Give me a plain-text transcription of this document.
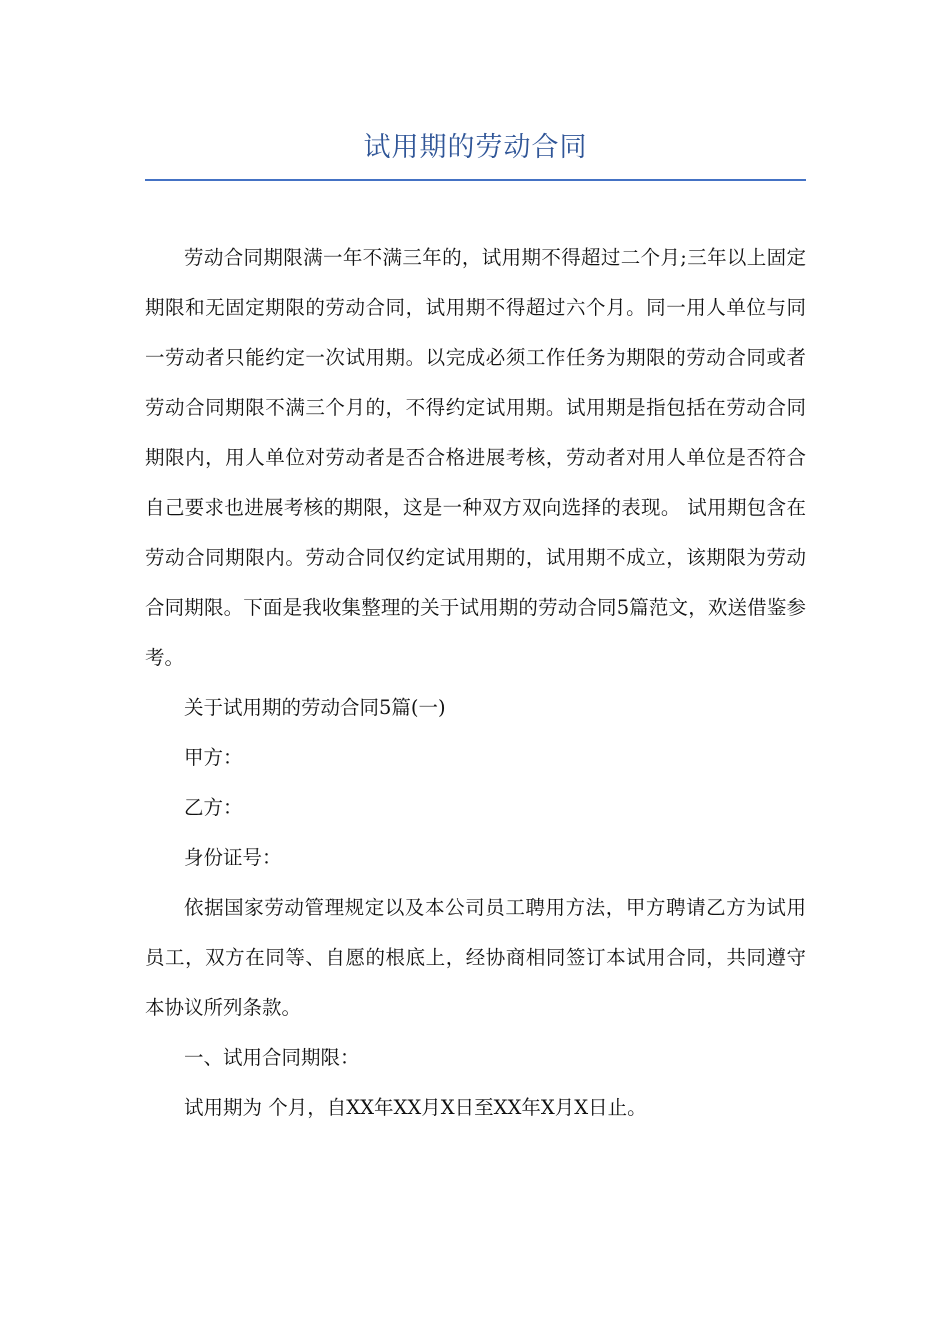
试用期的劳动合同

劳动合同期限满一年不满三年的，试用期不得超过二个月;三年以上固定期限和无固定期限的劳动合同，试用期不得超过六个月。同一用人单位与同一劳动者只能约定一次试用期。以完成必须工作任务为期限的劳动合同或者劳动合同期限不满三个月的，不得约定试用期。试用期是指包括在劳动合同期限内，用人单位对劳动者是否合格进展考核，劳动者对用人单位是否符合自己要求也进展考核的期限，这是一种双方双向选择的表现。 试用期包含在劳动合同期限内。劳动合同仅约定试用期的，试用期不成立，该期限为劳动合同期限。下面是我收集整理的关于试用期的劳动合同5篇范文，欢送借鉴参考。

关于试用期的劳动合同5篇(一)

甲方：

乙方：

身份证号：

依据国家劳动管理规定以及本公司员工聘用方法，甲方聘请乙方为试用员工，双方在同等、自愿的根底上，经协商相同签订本试用合同，共同遵守本协议所列条款。

一、试用合同期限：

试用期为 个月，自XX年XX月X日至XX年X月X日止。
